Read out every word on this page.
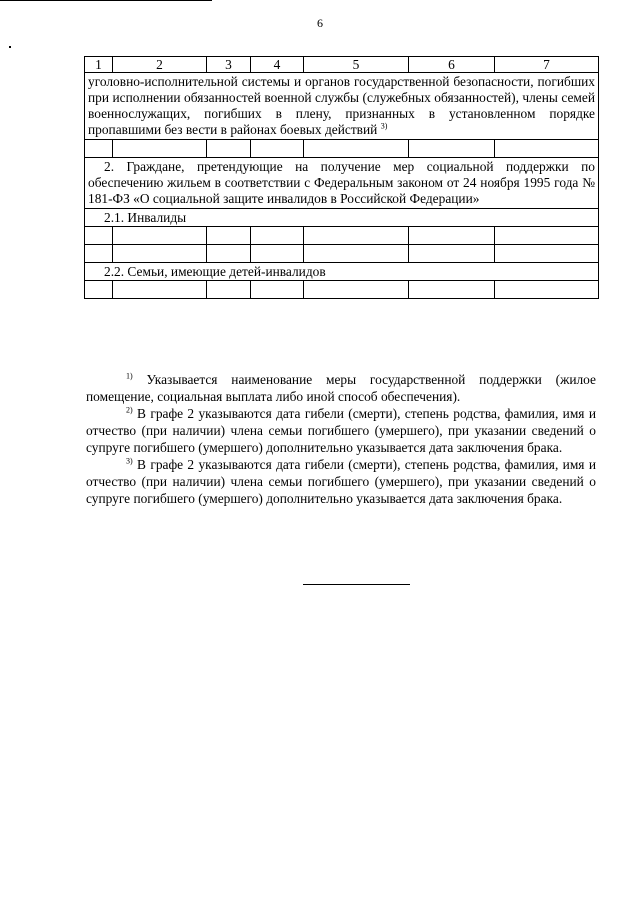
6
1	2	3	4	5	6	7
уголовно-исполнительной системы и органов государственной безопасности, погибших при исполнении обязанностей военной службы (служебных обязанностей), члены семей военнослужащих, погибших в плену, признанных в установленном порядке пропавшими без вести в районах боевых действий $^{3)}$

2. Граждане, претендующие на получение мер социальной поддержки по обеспечению жильем в соответствии с Федеральным законом от 24 ноября 1995 года № 181-ФЗ «О социальной защите инвалидов в Российской Федерации»						
2.1. Инвалиды						

2.2. Семьи, имеющие детей-инвалидов						

$^{1)}$ Указывается наименование меры государственной поддержки (жилое помещение, социальная выплата либо иной способ обеспечения).

$^{2)}$ В графе 2 указываются дата гибели (смерти), степень родства, фамилия, имя и отчество (при наличии) члена семьи погибшего (умершего), при указании сведений о супруге погибшего (умершего) дополнительно указывается дата заключения брака.

$^{3)}$ В графе 2 указываются дата гибели (смерти), степень родства, фамилия, имя и отчество (при наличии) члена семьи погибшего (умершего), при указании сведений о супруге погибшего (умершего) дополнительно указывается дата заключения брака.
